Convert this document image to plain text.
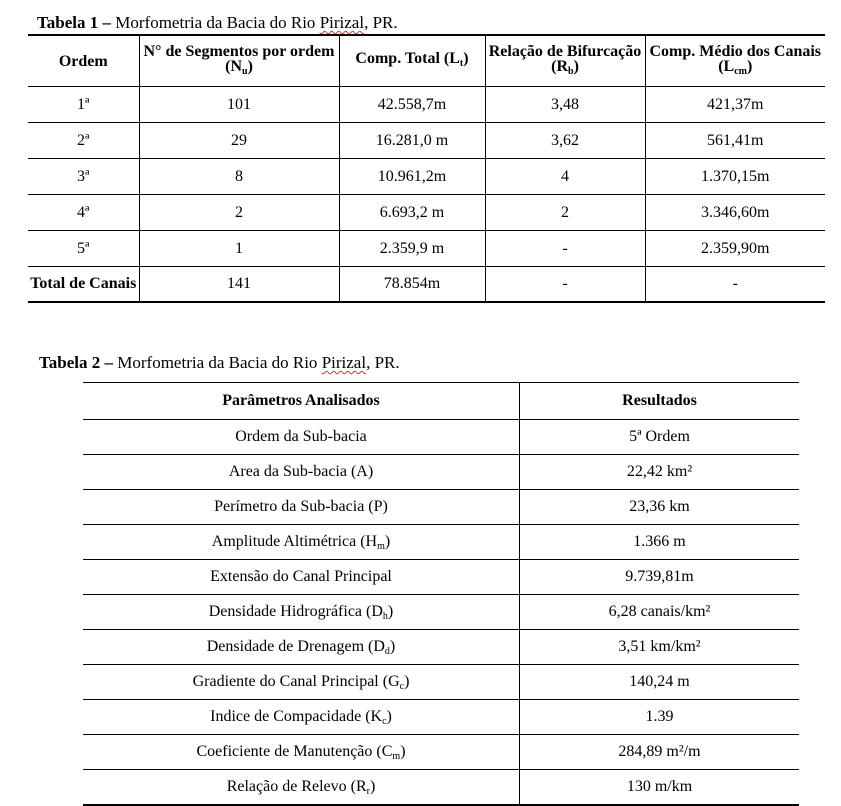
Tabela 1 – Morfometria da Bacia do Rio Pirizal, PR.
Ordem	N° de Segmentos por ordem $(N_u)$	Comp. Total $(L_t)$	Relação de Bifurcação $(R_b)$	Comp. Médio dos Canais $(L_{cm})$
1ª	101	42.558,7m	3,48	421,37m
2ª	29	16.281,0 m	3,62	561,41m
3ª	8	10.961,2m	4	1.370,15m
4ª	2	6.693,2 m	2	3.346,60m
5ª	1	2.359,9 m	-	2.359,90m
Total de Canais	141	78.854m	-	-
Tabela 2 – Morfometria da Bacia do Rio Pirizal, PR.
Parâmetros Analisados	Resultados
Ordem da Sub-bacia	5ª Ordem
Area da Sub-bacia (A)	22,42 km²
Perímetro da Sub-bacia (P)	23,36 km
Amplitude Altimétrica $(H_m)$	1.366 m
Extensão do Canal Principal	9.739,81m
Densidade Hidrográfica $(D_h)$	6,28 canais/km²
Densidade de Drenagem $(D_d)$	3,51 km/km²
Gradiente do Canal Principal $(G_c)$	140,24 m
Indice de Compacidade $(K_c)$	1.39
Coeficiente de Manutenção $(C_m)$	284,89 m²/m
Relação de Relevo $(R_r)$	130 m/km
